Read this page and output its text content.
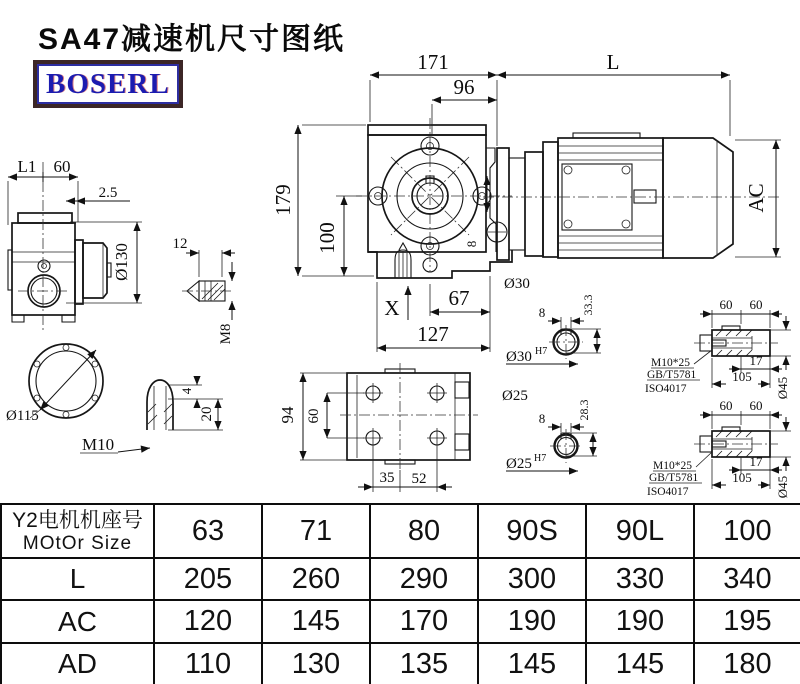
SA47减速机尺寸图纸
BOSERL
171
96
L
179
100
X 67
127
Ø30
8
AC
L1 60
2.5
Ø130	12
M8
Ø115
M10
4
20	94 60
35 52
8	33.3
Ø30 H7
Ø25
8	28.3
Ø25 H7
60 60
17
105
Ø45
M10*25
GB/T5781
ISO4017
60 60
17
105 Ø45
M10*25
GB/T5781
ISO4017
Y2电机机座号
MOtOr Size	63	71	80	90S	90L	100
L	205	260	290	300	330	340
AC	120	145	170	190	190	195
AD	110	130	135	145	145	180
